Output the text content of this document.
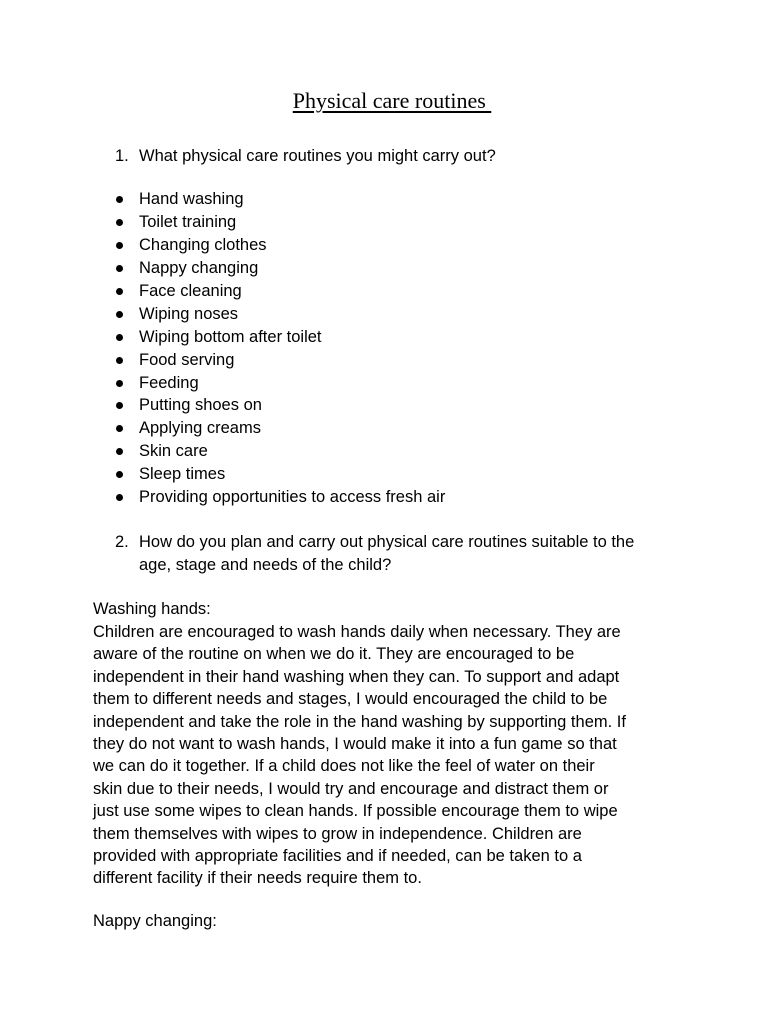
Physical care routines
1. What physical care routines you might carry out?
Hand washing
Toilet training
Changing clothes
Nappy changing
Face cleaning
Wiping noses
Wiping bottom after toilet
Food serving
Feeding
Putting shoes on
Applying creams
Skin care
Sleep times
Providing opportunities to access fresh air
2. How do you plan and carry out physical care routines suitable to the
age, stage and needs of the child?
Washing hands:

Children are encouraged to wash hands daily when necessary. They are
aware of the routine on when we do it. They are encouraged to be
independent in their hand washing when they can. To support and adapt
them to different needs and stages, I would encouraged the child to be
independent and take the role in the hand washing by supporting them. If
they do not want to wash hands, I would make it into a fun game so that
we can do it together. If a child does not like the feel of water on their
skin due to their needs, I would try and encourage and distract them or
just use some wipes to clean hands. If possible encourage them to wipe
them themselves with wipes to grow in independence. Children are
provided with appropriate facilities and if needed, can be taken to a
different facility if their needs require them to.

Nappy changing:
